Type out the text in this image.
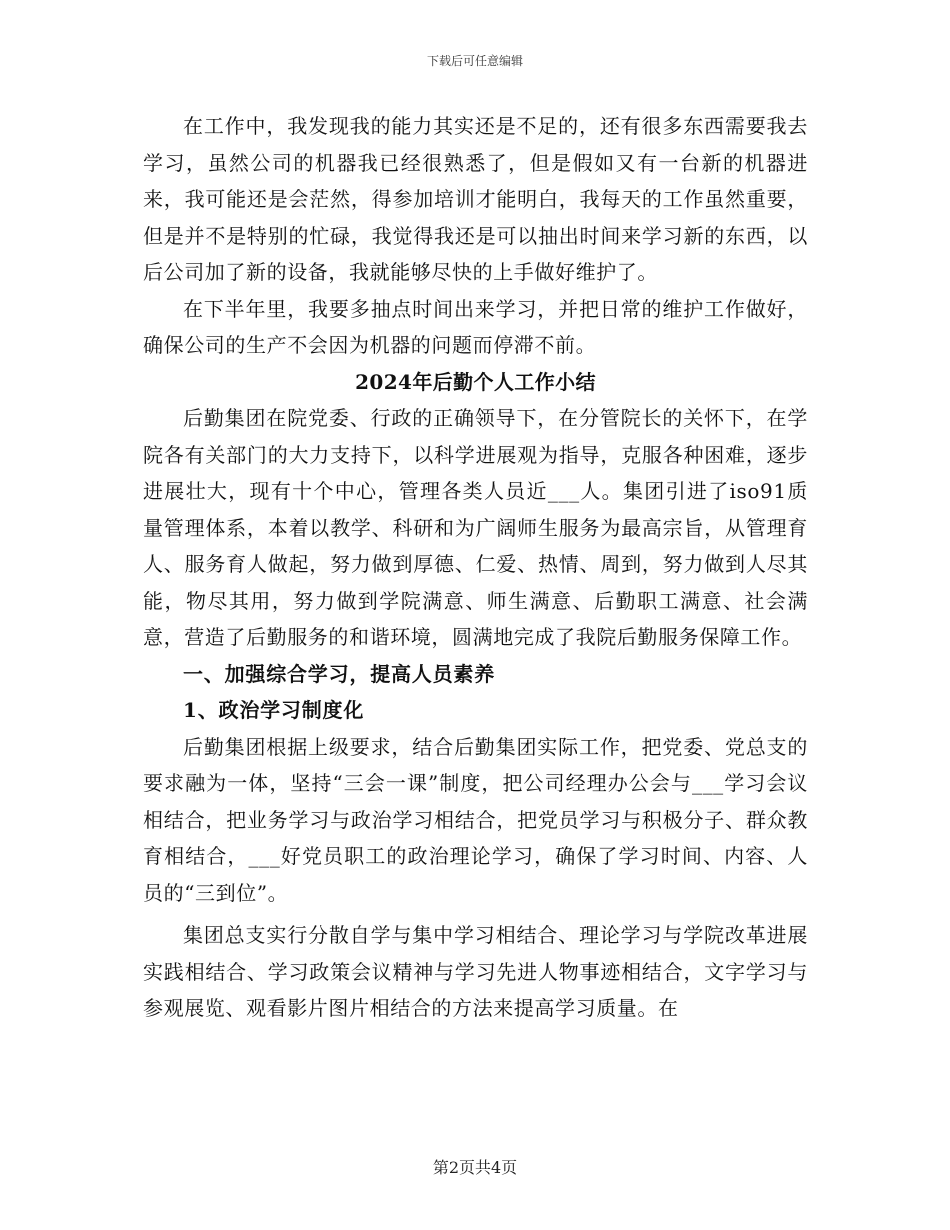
下载后可任意编辑

在工作中，我发现我的能力其实还是不足的，还有很多东西需要我去学习，虽然公司的机器我已经很熟悉了，但是假如又有一台新的机器进来，我可能还是会茫然，得参加培训才能明白，我每天的工作虽然重要，但是并不是特别的忙碌，我觉得我还是可以抽出时间来学习新的东西，以后公司加了新的设备，我就能够尽快的上手做好维护了。

在下半年里，我要多抽点时间出来学习，并把日常的维护工作做好，确保公司的生产不会因为机器的问题而停滞不前。

2024年后勤个人工作小结

后勤集团在院党委、行政的正确领导下，在分管院长的关怀下，在学院各有关部门的大力支持下，以科学进展观为指导，克服各种困难，逐步进展壮大，现有十个中心，管理各类人员近___人。集团引进了iso91质量管理体系，本着以教学、科研和为广阔师生服务为最高宗旨，从管理育人、服务育人做起，努力做到厚德、仁爱、热情、周到，努力做到人尽其能，物尽其用，努力做到学院满意、师生满意、后勤职工满意、社会满意，营造了后勤服务的和谐环境，圆满地完成了我院后勤服务保障工作。

一、加强综合学习，提高人员素养

1、政治学习制度化

后勤集团根据上级要求，结合后勤集团实际工作，把党委、党总支的要求融为一体，坚持“三会一课”制度，把公司经理办公会与___学习会议相结合，把业务学习与政治学习相结合，把党员学习与积极分子、群众教育相结合，___好党员职工的政治理论学习，确保了学习时间、内容、人员的“三到位”。

集团总支实行分散自学与集中学习相结合、理论学习与学院改革进展实践相结合、学习政策会议精神与学习先进人物事迹相结合，文字学习与参观展览、观看影片图片相结合的方法来提高学习质量。在

第2页共4页
